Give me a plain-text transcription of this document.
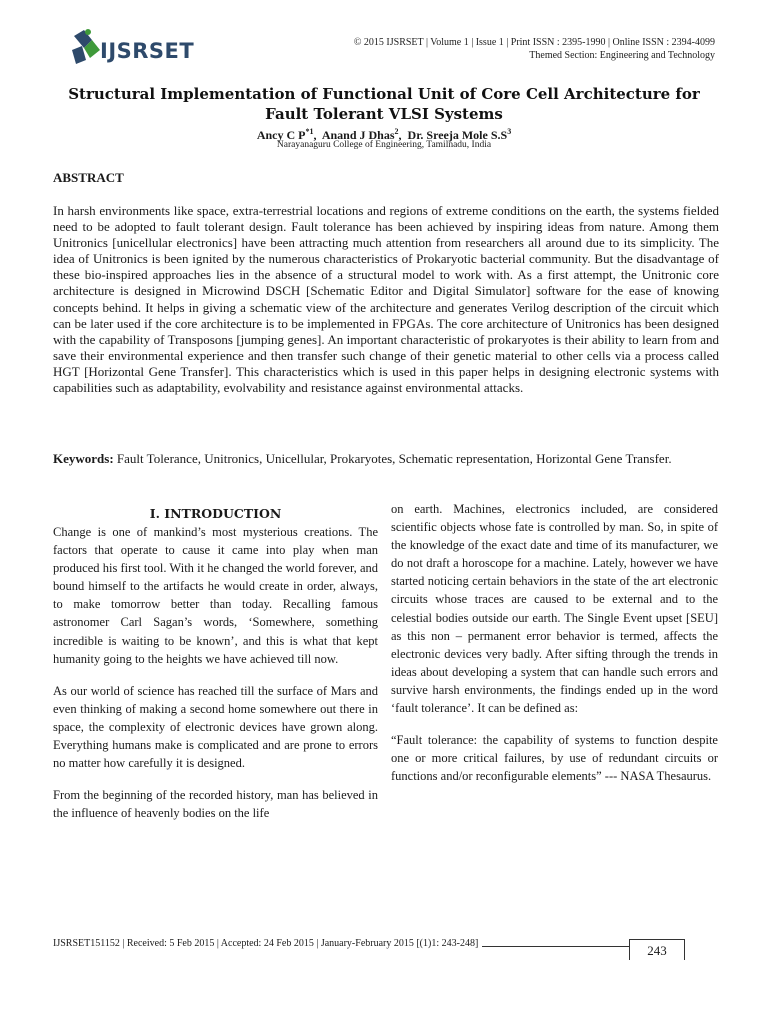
IJSRSET	© 2015 IJSRSET | Volume 1 | Issue 1 | Print ISSN : 2395-1990 | Online ISSN : 2394-4099
Themed Section: Engineering and Technology
Structural Implementation of Functional Unit of Core Cell Architecture for
Fault Tolerant VLSI Systems
Ancy C $P^{*1}$,  Anand J Dhas$^2$,  Dr. Sreeja Mole $S.S^3$
Narayanaguru College of Engineering, Tamilnadu, India
ABSTRACT
In harsh environments like space, extra-terrestrial locations and regions of extreme conditions on the earth, the systems fielded need to be adopted to fault tolerant design. Fault tolerance has been achieved by inspiring ideas from nature. Among them Unitronics [unicellular electronics] have been attracting much attention from researchers all around due to its simplicity. The idea of Unitronics is been ignited by the numerous characteristics of Prokaryotic bacterial community. But the disadvantage of these bio-inspired approaches lies in the absence of a structural model to work with. As a first attempt, the Unitronic core architecture is designed in Microwind DSCH [Schematic Editor and Digital Simulator] software for the ease of knowing concepts behind. It helps in giving a schematic view of the architecture and generates Verilog description of the circuit which can be later used if the core architecture is to be implemented in FPGAs. The core architecture of Unitronics has been designed with the capability of Transposons [jumping genes]. An important characteristic of prokaryotes is their ability to learn from and save their environmental experience and then transfer such change of their genetic material to other cells via a process called HGT [Horizontal Gene Transfer]. This characteristics which is used in this paper helps in designing electronic systems with capabilities such as adaptability, evolvability and resistance against environmental attacks.
Keywords: Fault Tolerance, Unitronics, Unicellular, Prokaryotes, Schematic representation, Horizontal Gene Transfer.
I. INTRODUCTION

Change is one of mankind’s most mysterious creations. The factors that operate to cause it came into play when man produced his first tool. With it he changed the world forever, and bound himself to the artifacts he would create in order, always, to make tomorrow better than today. Recalling famous astronomer Carl Sagan’s words, ‘Somewhere, something incredible is waiting to be known’, and this is what that kept humanity going to the heights we have achieved till now.

As our world of science has reached till the surface of Mars and even thinking of making a second home somewhere out there in space, the complexity of electronic devices have grown along. Everything humans make is complicated and are prone to errors no matter how carefully it is designed.

From the beginning of the recorded history, man has believed in the influence of heavenly bodies on the life

on earth. Machines, electronics included, are considered scientific objects whose fate is controlled by man. So, in spite of the knowledge of the exact date and time of its manufacturer, we do not draft a horoscope for a machine. Lately, however we have started noticing certain behaviors in the state of the art electronic circuits whose traces are caused to be external and to the celestial bodies outside our earth. The Single Event upset [SEU] as this non – permanent error behavior is termed, affects the electronic devices very badly. After sifting through the trends in ideas about developing a system that can handle such errors and survive harsh environments, the findings ended up in the word ‘fault tolerance’. It can be defined as:

“Fault tolerance: the capability of systems to function despite one or more critical failures, by use of redundant circuits or functions and/or reconfigurable elements” --- NASA Thesaurus.

IJSRSET151152 | Received: 5 Feb 2015 | Accepted: 24 Feb 2015 | January-February 2015 [(1)1: 243-248]	243
